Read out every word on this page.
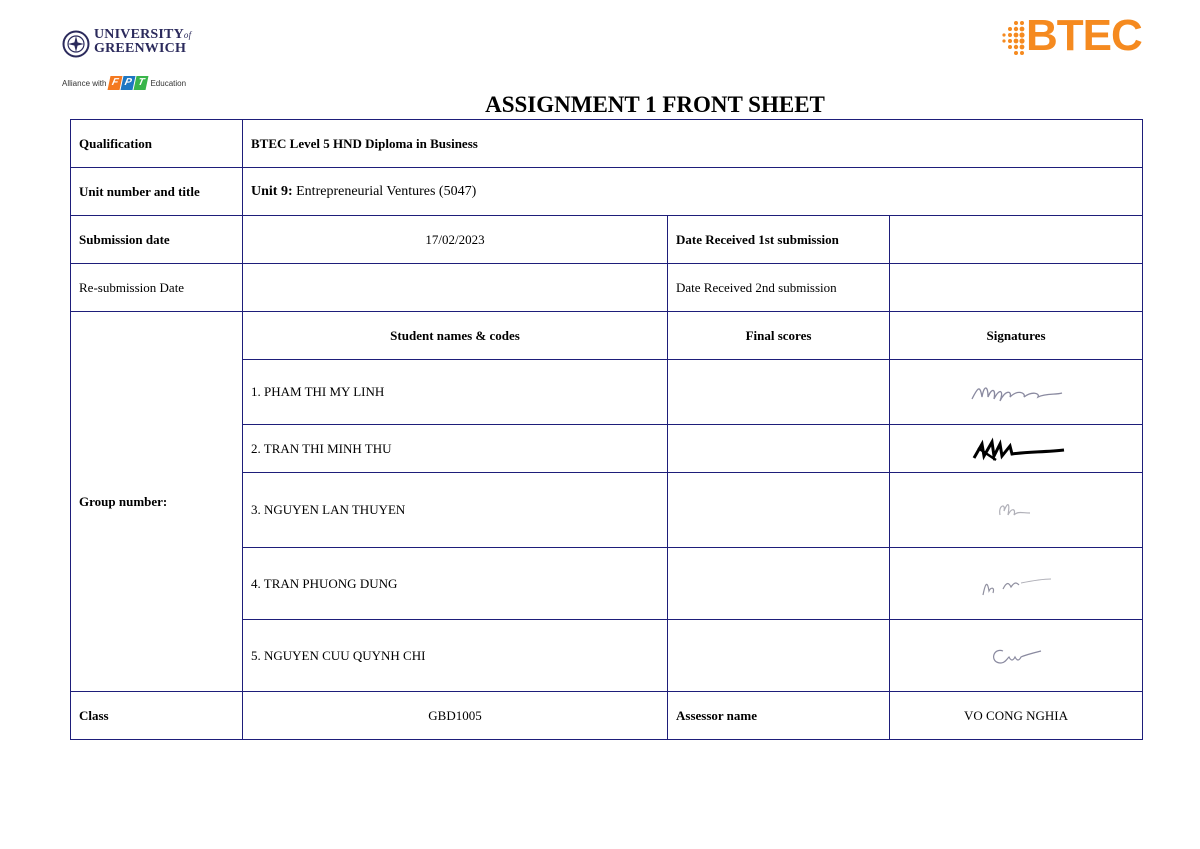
UNIVERSITYof
GREENWICH
Alliance with F P T Education
BTEC
ASSIGNMENT 1 FRONT SHEET
Qualification	BTEC Level 5 HND Diploma in Business		
Unit number and title	Unit 9: Entrepreneurial Ventures (5047)		
Submission date	17/02/2023	Date Received 1st submission	
Re-submission Date		Date Received 2nd submission	
Group number:	Student names & codes	Final scores	Signatures
	1. PHAM THI MY LINH		

	2. TRAN THI MINH THU		

	3. NGUYEN LAN THUYEN		

	4. TRAN PHUONG DUNG		

	5. NGUYEN CUU QUYNH CHI		

Class	GBD1005	Assessor name	VO CONG NGHIA
